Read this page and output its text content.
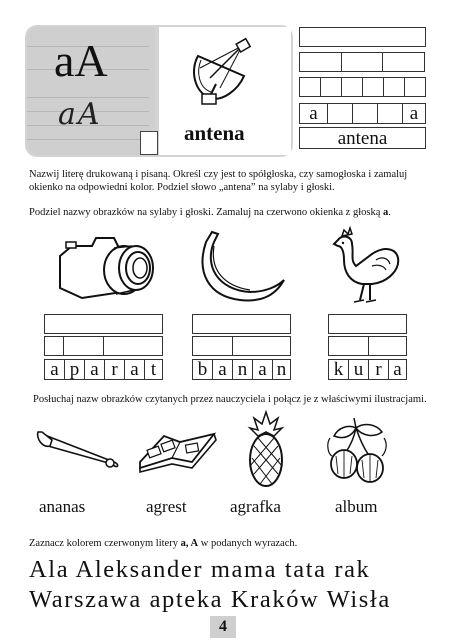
aA
aA
antena
a	a
antena
Nazwij literę drukowaną i pisaną. Określ czy jest to spółgłoska, czy samogłoska i zamaluj okienko na odpowiedni kolor. Podziel słowo „antena” na sylaby i głoski.
Podziel nazwy obrazków na sylaby i głoski. Zamaluj na czerwono okienka z głoską a.
a p a r a t	b a n a n	k u r a
Posłuchaj nazw obrazków czytanych przez nauczyciela i połącz je z właściwymi ilustracjami.
ananas	agrest	agrafka	album
Zaznacz kolorem czerwonym litery a, A w podanych wyrazach.
Ala Aleksander mama tata rak
Warszawa apteka Kraków Wisła
4
